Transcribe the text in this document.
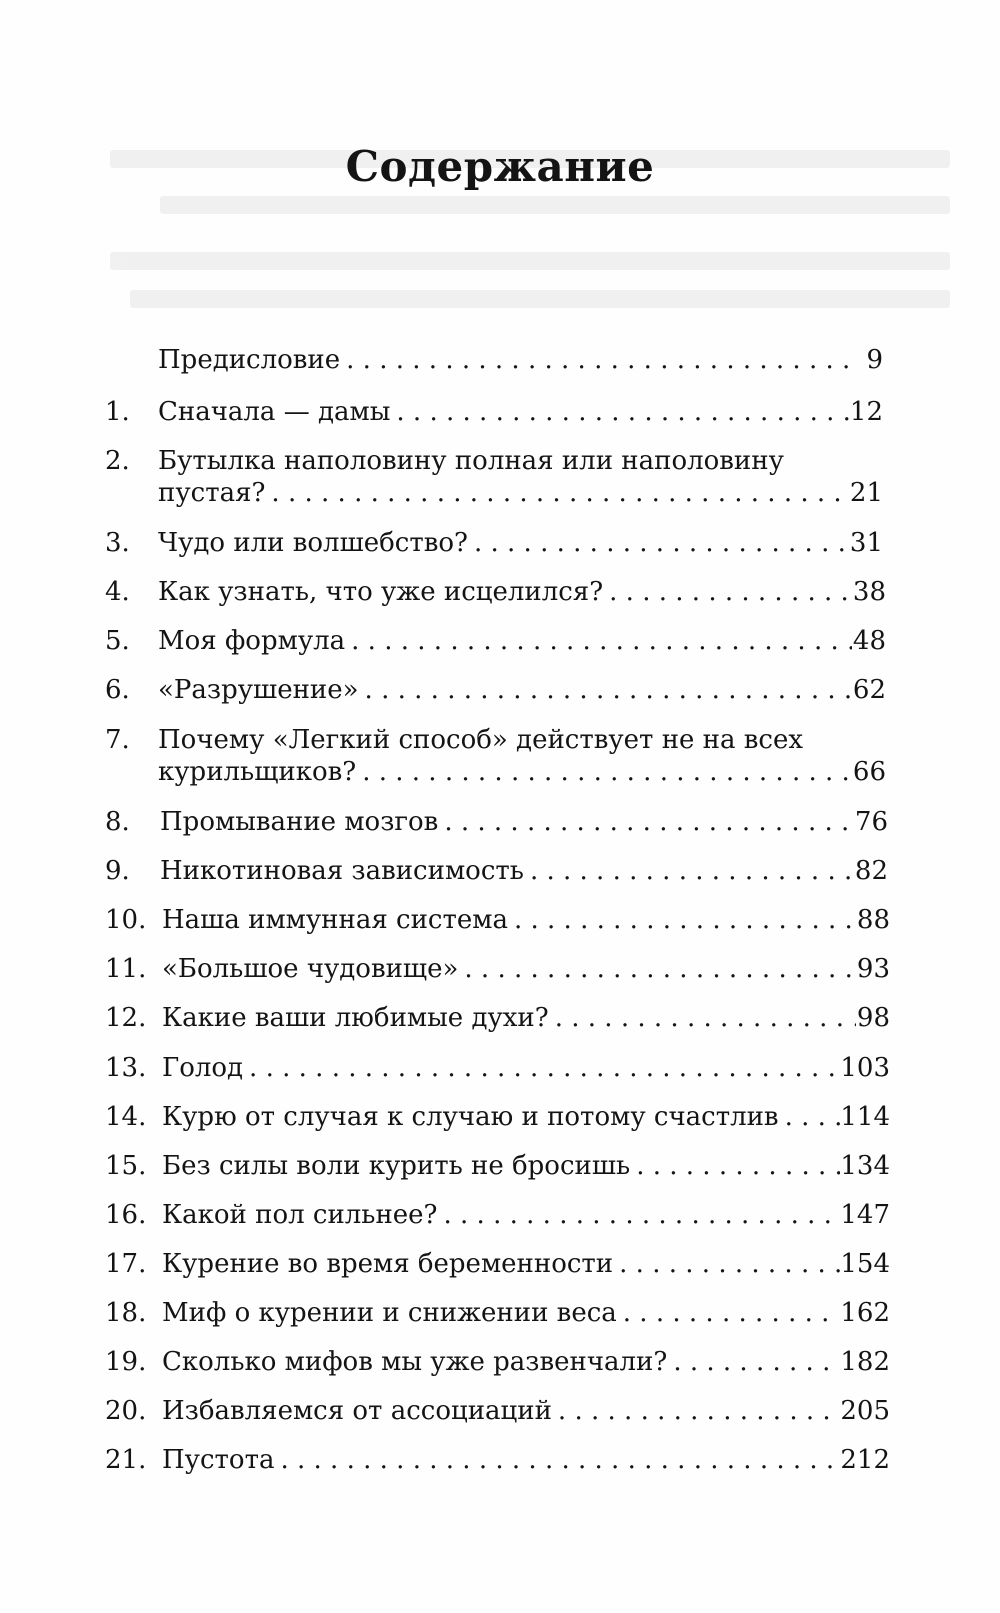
Содержание
Предисловие . . .	9
1.	Сначала — дамы . . .	12
2.	Бутылка наполовину полная или наполовину
пустая? . . .	21
3.	Чудо или волшебство? . . .	31
4.	Как узнать, что уже исцелился? . . .	38
5.	Моя формула . . .	48
6.	«Разрушение» . . .	62
7.	Почему «Легкий способ» действует не на всех
курильщиков? . . .	66
8.	Промывание мозгов . . .	76
9.	Никотиновая зависимость . . .	82
10. Наша иммунная система . . .	88
11. «Большое чудовище» . . .	93
12. Какие ваши любимые духи? . . .	98
13. Голод . . .	103
14. Курю от случая к случаю и потому счастлив . . . 114
15. Без силы воли курить не бросишь . . .	134
16. Какой пол сильнее? . . .	147
17. Курение во время беременности . . .	154
18. Миф о курении и снижении веса . . .	162
19. Сколько мифов мы уже развенчали? . . .	182
20. Избавляемся от ассоциаций . . .	205
21. Пустота . . .	212
